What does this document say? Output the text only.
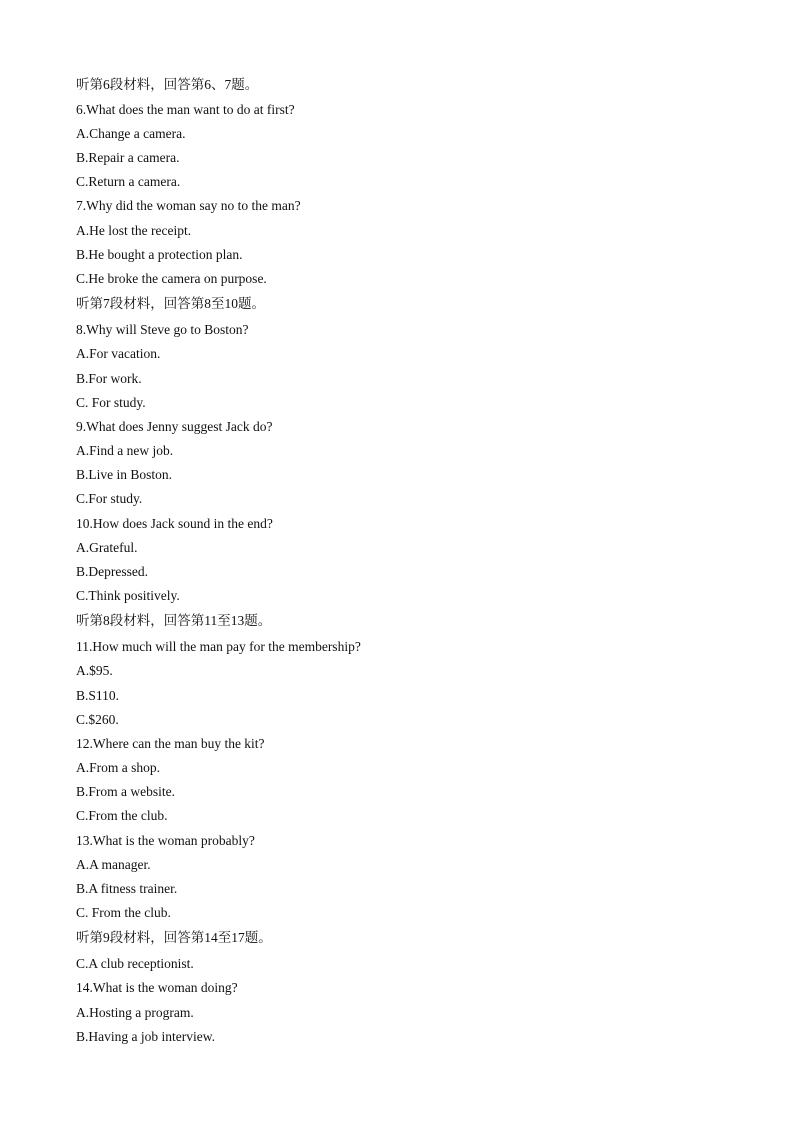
听第6段材料，回答第6、7题。
6.What does the man want to do at first?
A.Change a camera.
B.Repair a camera.
C.Return a camera.
7.Why did the woman say no to the man?
A.He lost the receipt.
B.He bought a protection plan.
C.He broke the camera on purpose.
听第7段材料，回答第8至10题。
8.Why will Steve go to Boston?
A.For vacation.
B.For work.
C. For study.
9.What does Jenny suggest Jack do?
A.Find a new job.
B.Live in Boston.
C.For study.
10.How does Jack sound in the end?
A.Grateful.
B.Depressed.
C.Think positively.
听第8段材料，回答第11至13题。
11.How much will the man pay for the membership?
A.$95.
B.S110.
C.$260.
12.Where can the man buy the kit?
A.From a shop.
B.From a website.
C.From the club.
13.What is the woman probably?
A.A manager.
B.A fitness trainer.
C. From the club.
听第9段材料，回答第14至17题。
C.A club receptionist.
14.What is the woman doing?
A.Hosting a program.
B.Having a job interview.
